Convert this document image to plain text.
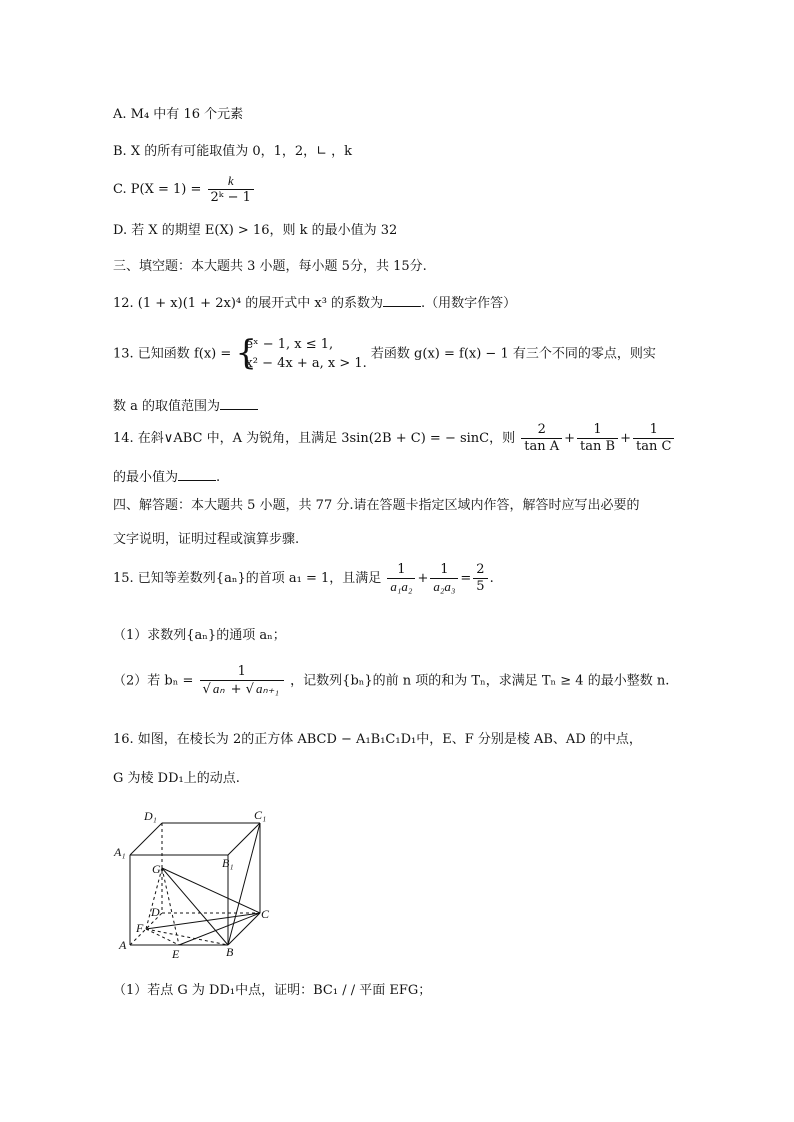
A. M₄ 中有 16 个元素
B. X 的所有可能取值为 0，1，2，∟ ，k
C. $P(X = 1) = \frac{k}{\text{2ᵏ − 1}}$
D. 若 X 的期望 E(X) > 16，则 k 的最小值为 32
三、填空题：本大题共 3 小题，每小题 5分，共 15分.
12. (1 + x)(1 + 2x)⁴ 的展开式中 x³ 的系数为	.（用数字作答）
13. 已知函数 f(x) = {
eˣ − 1, x ≤ 1,
x² − 4x + a, x > 1.
若函数 g(x) = f(x) − 1 有三个不同的零点，则实
数 a 的取值范围为
14. 在斜∨ABC 中，A 为锐角，且满足 3sin(2B + C) = − sinC，则 $\frac{2}{\text{tan A}} + \frac{1}{\text{tan B}} + \frac{1}{\text{tan C}}$
的最小值为	.
四、解答题：本大题共 5 小题，共 77 分.请在答题卡指定区域内作答，解答时应写出必要的
文字说明，证明过程或演算步骤.
15. 已知等差数列{aₙ}的首项 a₁ = 1，且满足 $\frac{1}{\text{a₁a₂}} + \frac{1}{\text{a₂a₃}} = \frac{2}{5}$ .
（1）求数列{aₙ}的通项 aₙ；
（2）若 $b_n = \frac{1}{\text{√ aₙ + √ aₙ₊₁}}$ ，记数列{bₙ}的前 n 项的和为 Tₙ，求满足 Tₙ ≥ 4 的最小整数 n.
16. 如图，在棱长为 2的正方体 ABCD − A₁B₁C₁D₁中，E、F 分别是棱 AB、AD 的中点，
G 为棱 DD₁上的动点.
D₁	C₁
A₁
B₁
G
D	C
F
A	B
E
（1）若点 G 为 DD₁中点，证明：BC₁ / / 平面 EFG；
